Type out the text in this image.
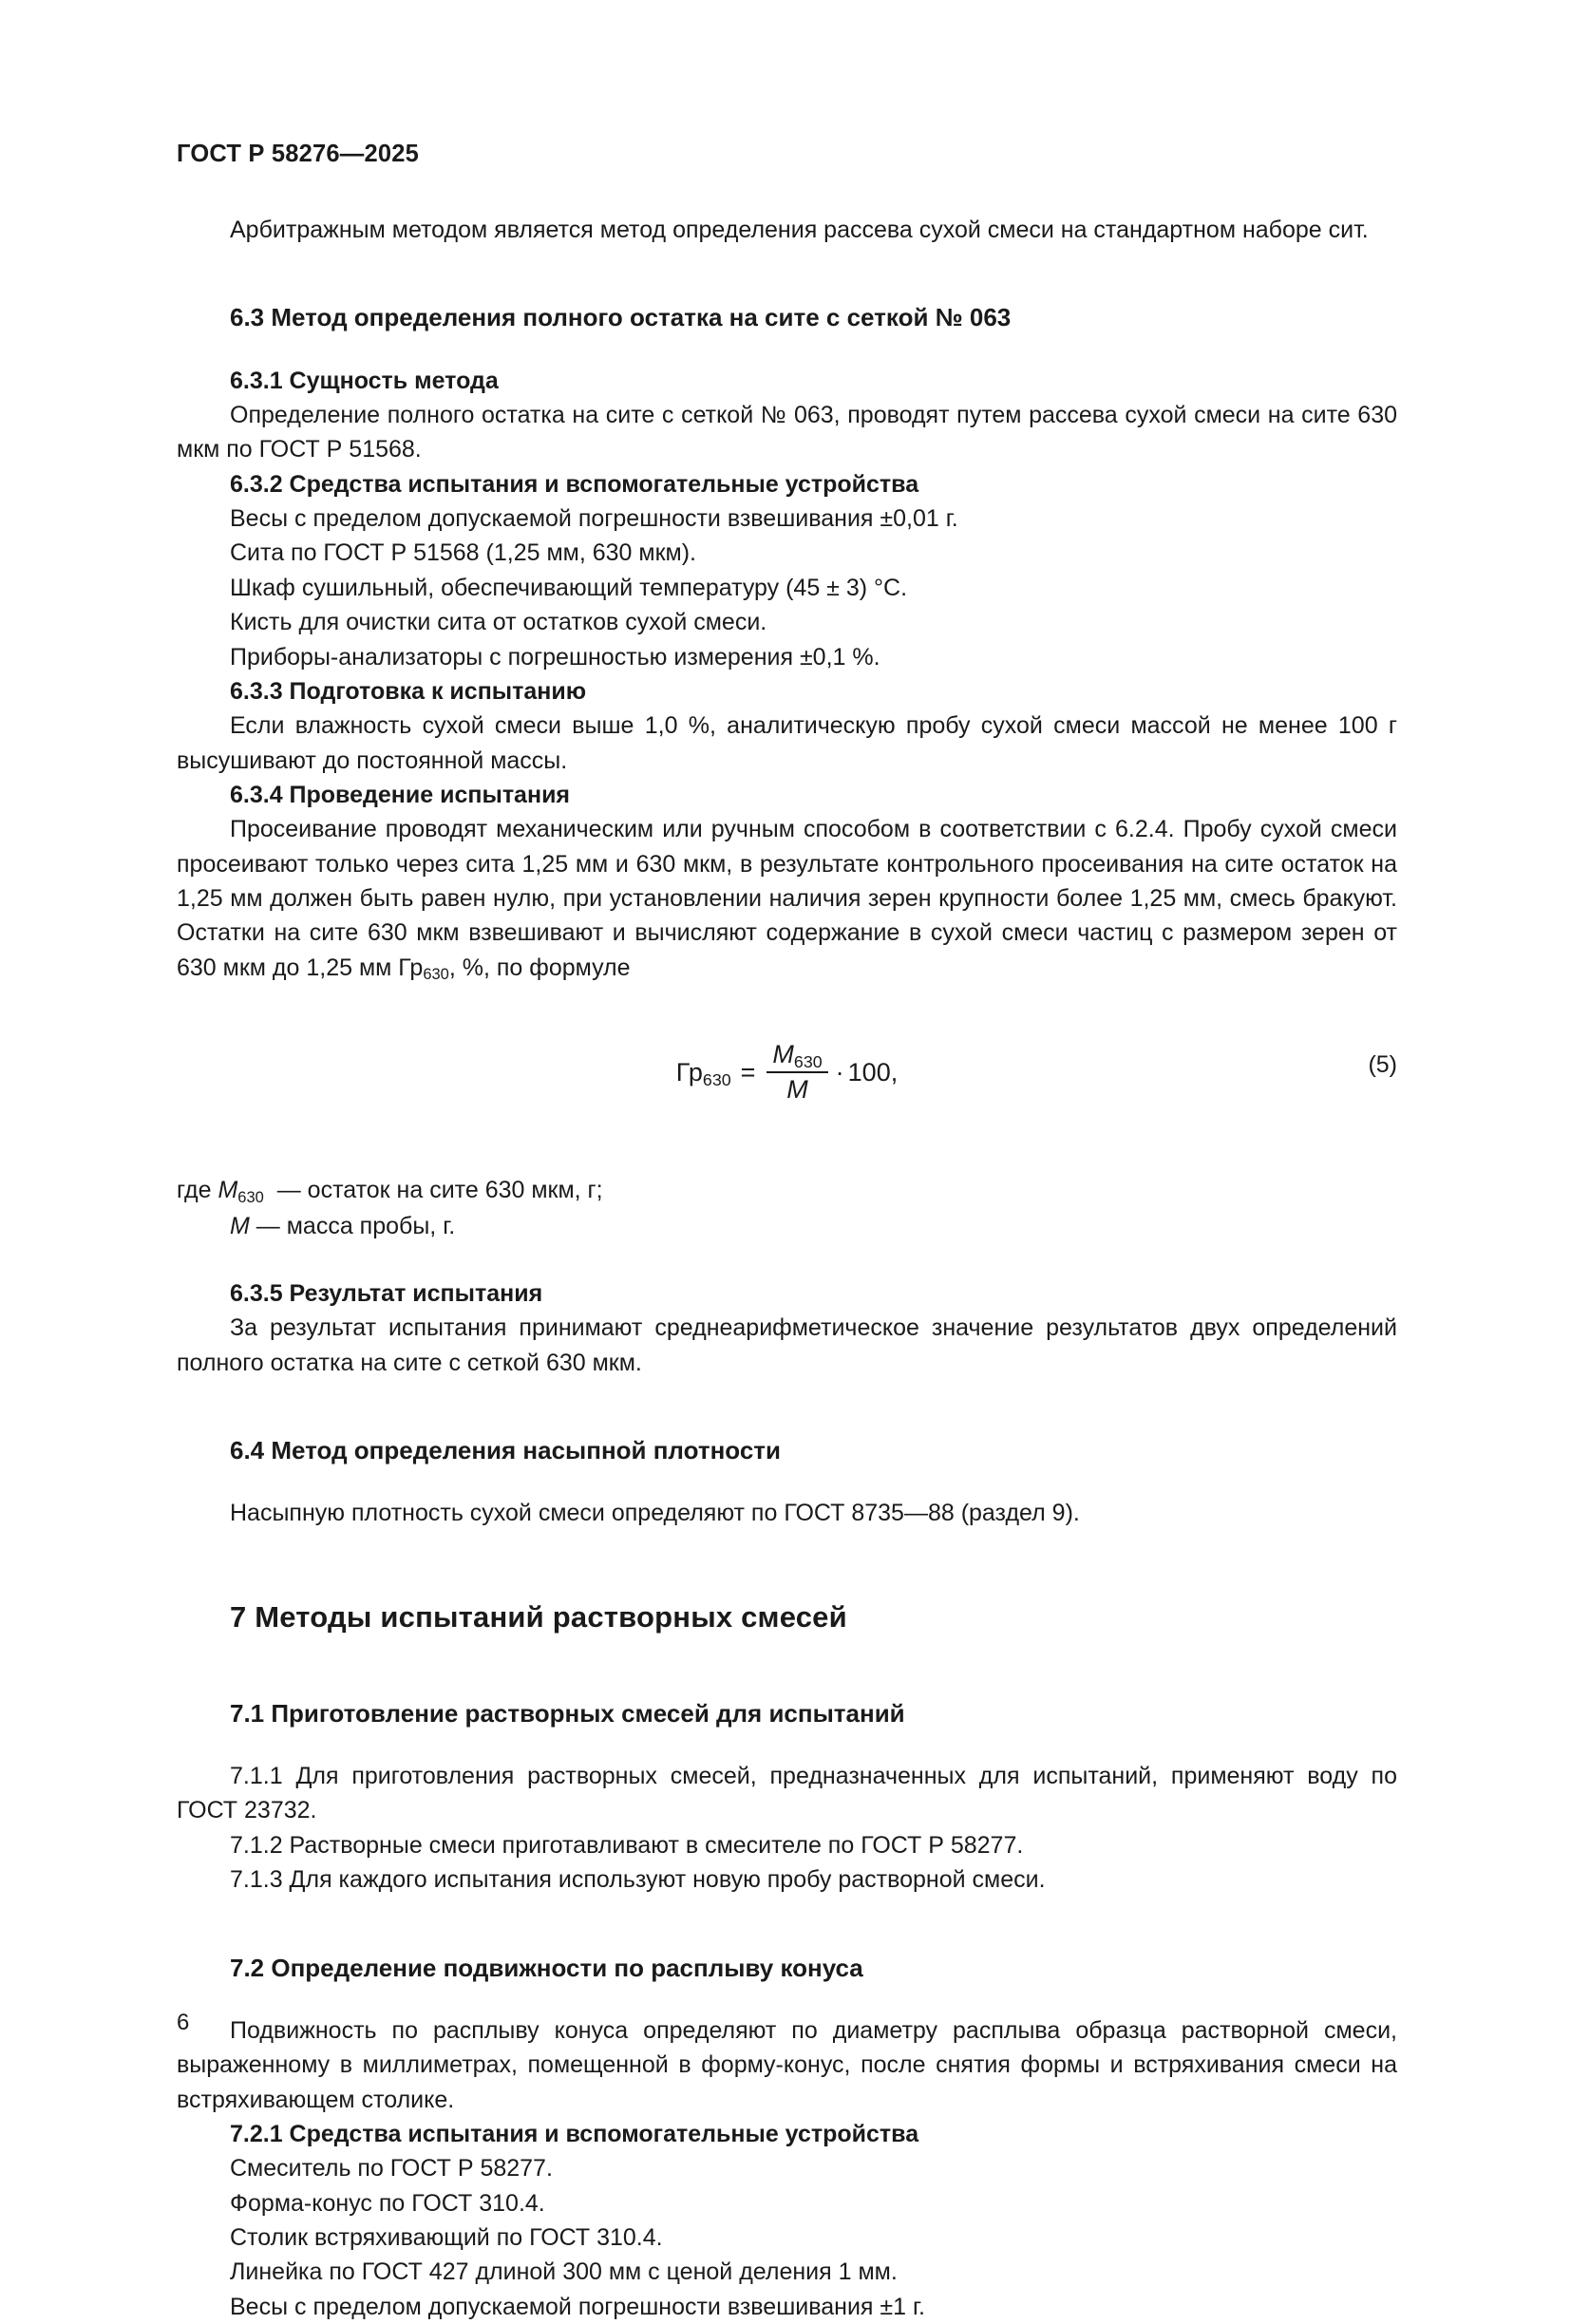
ГОСТ Р 58276—2025

Арбитражным методом является метод определения рассева сухой смеси на стандартном наборе сит.

6.3 Метод определения полного остатка на сите с сеткой № 063
6.3.1 Сущность метода

Определение полного остатка на сите с сеткой № 063, проводят путем рассева сухой смеси на сите 630 мкм по ГОСТ Р 51568.

6.3.2 Средства испытания и вспомогательные устройства

Весы с пределом допускаемой погрешности взвешивания ±0,01 г.

Сита по ГОСТ Р 51568 (1,25 мм, 630 мкм).

Шкаф сушильный, обеспечивающий температуру (45 ± 3) °C.

Кисть для очистки сита от остатков сухой смеси.

Приборы-анализаторы с погрешностью измерения ±0,1 %.

6.3.3 Подготовка к испытанию

Если влажность сухой смеси выше 1,0 %, аналитическую пробу сухой смеси массой не менее 100 г высушивают до постоянной массы.

6.3.4 Проведение испытания

Просеивание проводят механическим или ручным способом в соответствии с 6.2.4. Пробу сухой смеси просеивают только через сита 1,25 мм и 630 мкм, в результате контрольного просеивания на сите остаток на 1,25 мм должен быть равен нулю, при установлении наличия зерен крупности более 1,25 мм, смесь бракуют. Остатки на сите 630 мкм взвешивают и вычисляют содержание в сухой смеси частиц с размером зерен от 630 мкм до 1,25 мм $Гр_{630}$, %, по формуле

$Гр_{630} = \frac{M_{630}}{M} \cdot 100$,	(5)

где $M_{630}$ — остаток на сите 630 мкм, г;

M — масса пробы, г.

6.3.5 Результат испытания

За результат испытания принимают среднеарифметическое значение результатов двух определений полного остатка на сите с сеткой 630 мкм.

6.4 Метод определения насыпной плотности

Насыпную плотность сухой смеси определяют по ГОСТ 8735—88 (раздел 9).

7 Методы испытаний растворных смесей
7.1 Приготовление растворных смесей для испытаний

7.1.1 Для приготовления растворных смесей, предназначенных для испытаний, применяют воду по ГОСТ 23732.

7.1.2 Растворные смеси приготавливают в смесителе по ГОСТ Р 58277.

7.1.3 Для каждого испытания используют новую пробу растворной смеси.

7.2 Определение подвижности по расплыву конуса

Подвижность по расплыву конуса определяют по диаметру расплыва образца растворной смеси, выраженному в миллиметрах, помещенной в форму-конус, после снятия формы и встряхивания смеси на встряхивающем столике.

7.2.1 Средства испытания и вспомогательные устройства

Смеситель по ГОСТ Р 58277.

Форма-конус по ГОСТ 310.4.

Столик встряхивающий по ГОСТ 310.4.

Линейка по ГОСТ 427 длиной 300 мм с ценой деления 1 мм.

Весы с пределом допускаемой погрешности взвешивания ±1 г.

6
